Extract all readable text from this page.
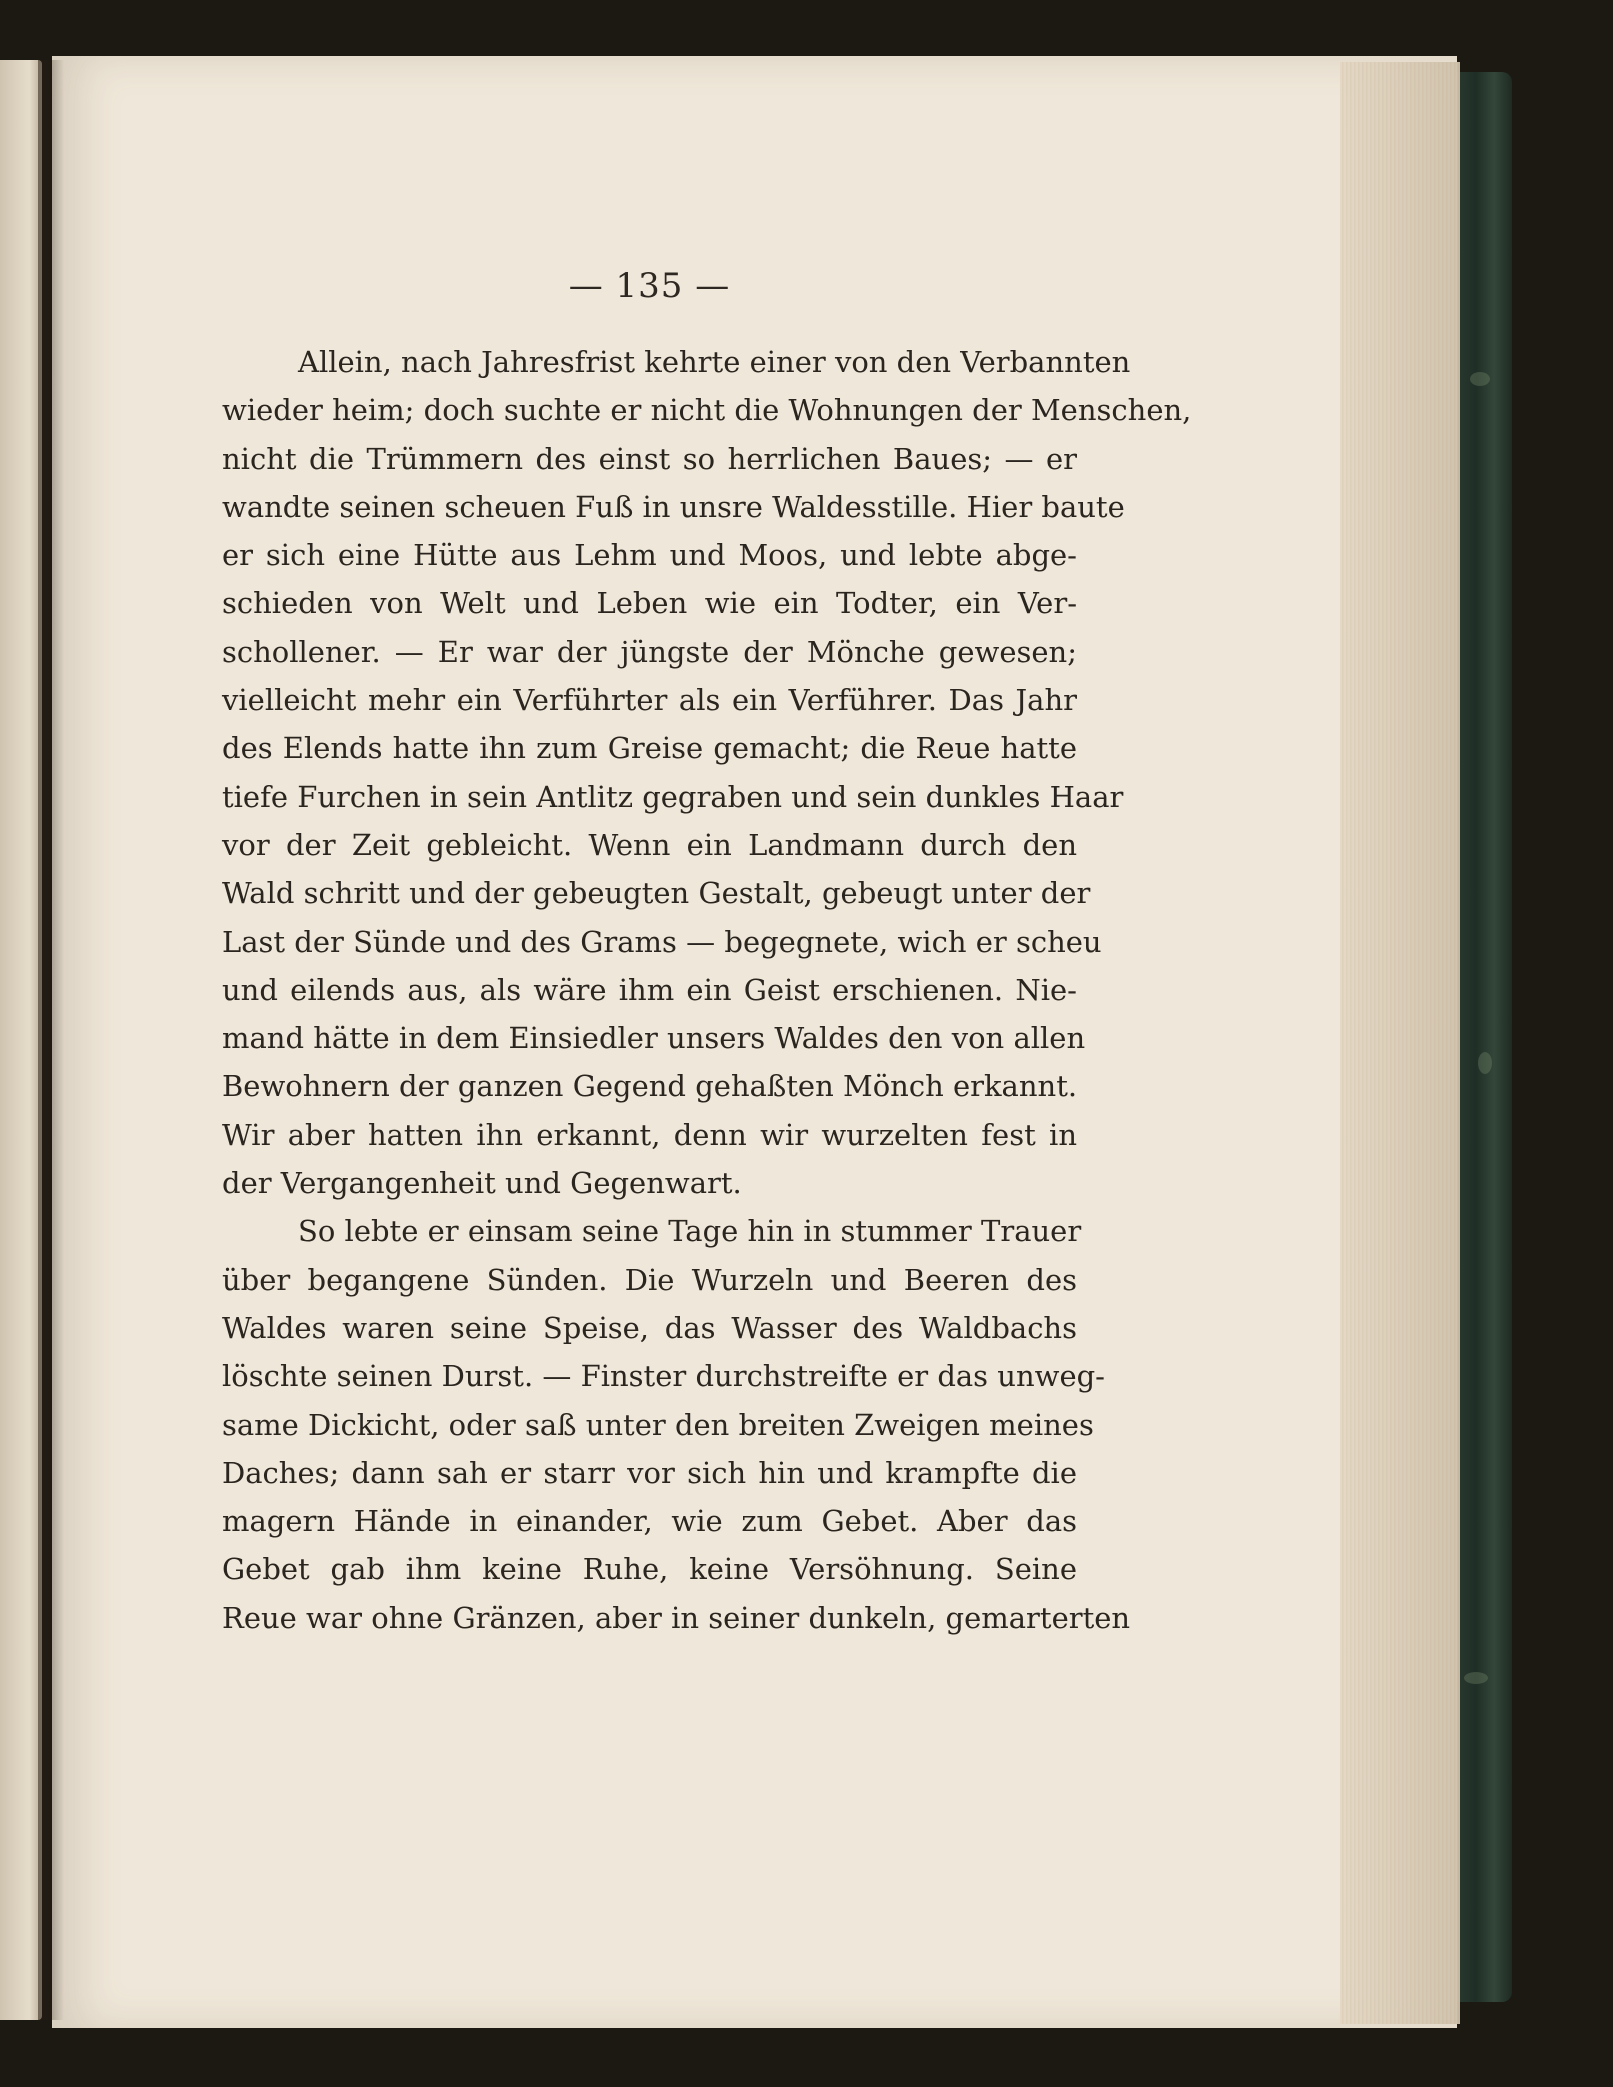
— 135 —
Allein, nach Jahresfrist kehrte einer von den Verbannten
wieder heim; doch suchte er nicht die Wohnungen der Menschen,
nicht die Trümmern des einst so herrlichen Baues; — er
wandte seinen scheuen Fuß in unsre Waldesstille. Hier baute
er sich eine Hütte aus Lehm und Moos, und lebte abge-
schieden von Welt und Leben wie ein Todter, ein Ver-
schollener. — Er war der jüngste der Mönche gewesen;
vielleicht mehr ein Verführter als ein Verführer. Das Jahr
des Elends hatte ihn zum Greise gemacht; die Reue hatte
tiefe Furchen in sein Antlitz gegraben und sein dunkles Haar
vor der Zeit gebleicht. Wenn ein Landmann durch den
Wald schritt und der gebeugten Gestalt, gebeugt unter der
Last der Sünde und des Grams — begegnete, wich er scheu
und eilends aus, als wäre ihm ein Geist erschienen. Nie-
mand hätte in dem Einsiedler unsers Waldes den von allen
Bewohnern der ganzen Gegend gehaßten Mönch erkannt.
Wir aber hatten ihn erkannt, denn wir wurzelten fest in
der Vergangenheit und Gegenwart.
So lebte er einsam seine Tage hin in stummer Trauer
über begangene Sünden. Die Wurzeln und Beeren des
Waldes waren seine Speise, das Wasser des Waldbachs
löschte seinen Durst. — Finster durchstreifte er das unweg-
same Dickicht, oder saß unter den breiten Zweigen meines
Daches; dann sah er starr vor sich hin und krampfte die
magern Hände in einander, wie zum Gebet. Aber das
Gebet gab ihm keine Ruhe, keine Versöhnung. Seine
Reue war ohne Gränzen, aber in seiner dunkeln, gemarterten
